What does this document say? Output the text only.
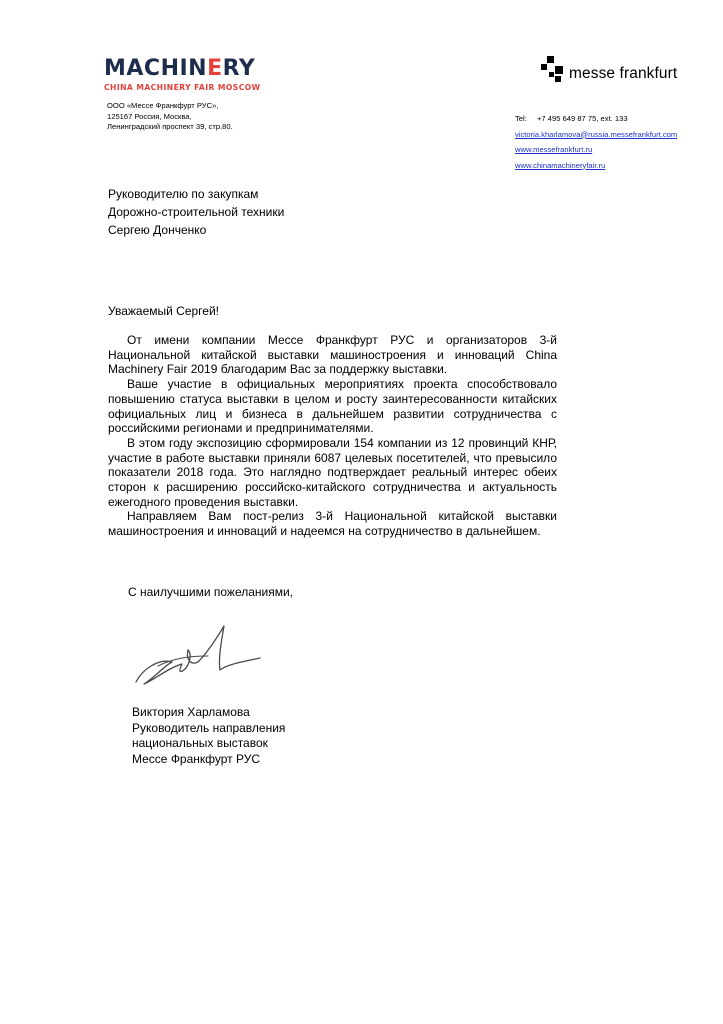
MACHINERY
CHINA MACHINERY FAIR MOSCOW
ООО «Мессе Франкфурт РУС»,
125167 Россия, Москва,
Ленинградский проспект 39, стр.80.
messe frankfurt
Tel: +7 495 649 87 75, ext. 133
victoria.kharlamova@russia.messefrankfurt.com
www.messefrankfurt.ru
www.chinamachineryfair.ru
Руководителю по закупкам
Дорожно-строительной техники
Сергею Донченко
Уважаемый Сергей!

От имени компании Мессе Франкфурт РУС и организаторов 3-й Национальной китайской выставки машиностроения и инноваций China Machinery Fair 2019 благодарим Вас за поддержку выставки.

Ваше участие в официальных мероприятиях проекта способствовало повышению статуса выставки в целом и росту заинтересованности китайских официальных лиц и бизнеса в дальнейшем развитии сотрудничества с российскими регионами и предпринимателями.

В этом году экспозицию сформировали 154 компании из 12 провинций КНР, участие в работе выставки приняли 6087 целевых посетителей, что превысило показатели 2018 года. Это наглядно подтверждает реальный интерес обеих сторон к расширению российско-китайского сотрудничества и актуальность ежегодного проведения выставки.

Направляем Вам пост-релиз 3-й Национальной китайской выставки машиностроения и инноваций и надеемся на сотрудничество в дальнейшем.

С наилучшими пожеланиями,
Виктория Харламова
Руководитель направления
национальных выставок
Мессе Франкфурт РУС
